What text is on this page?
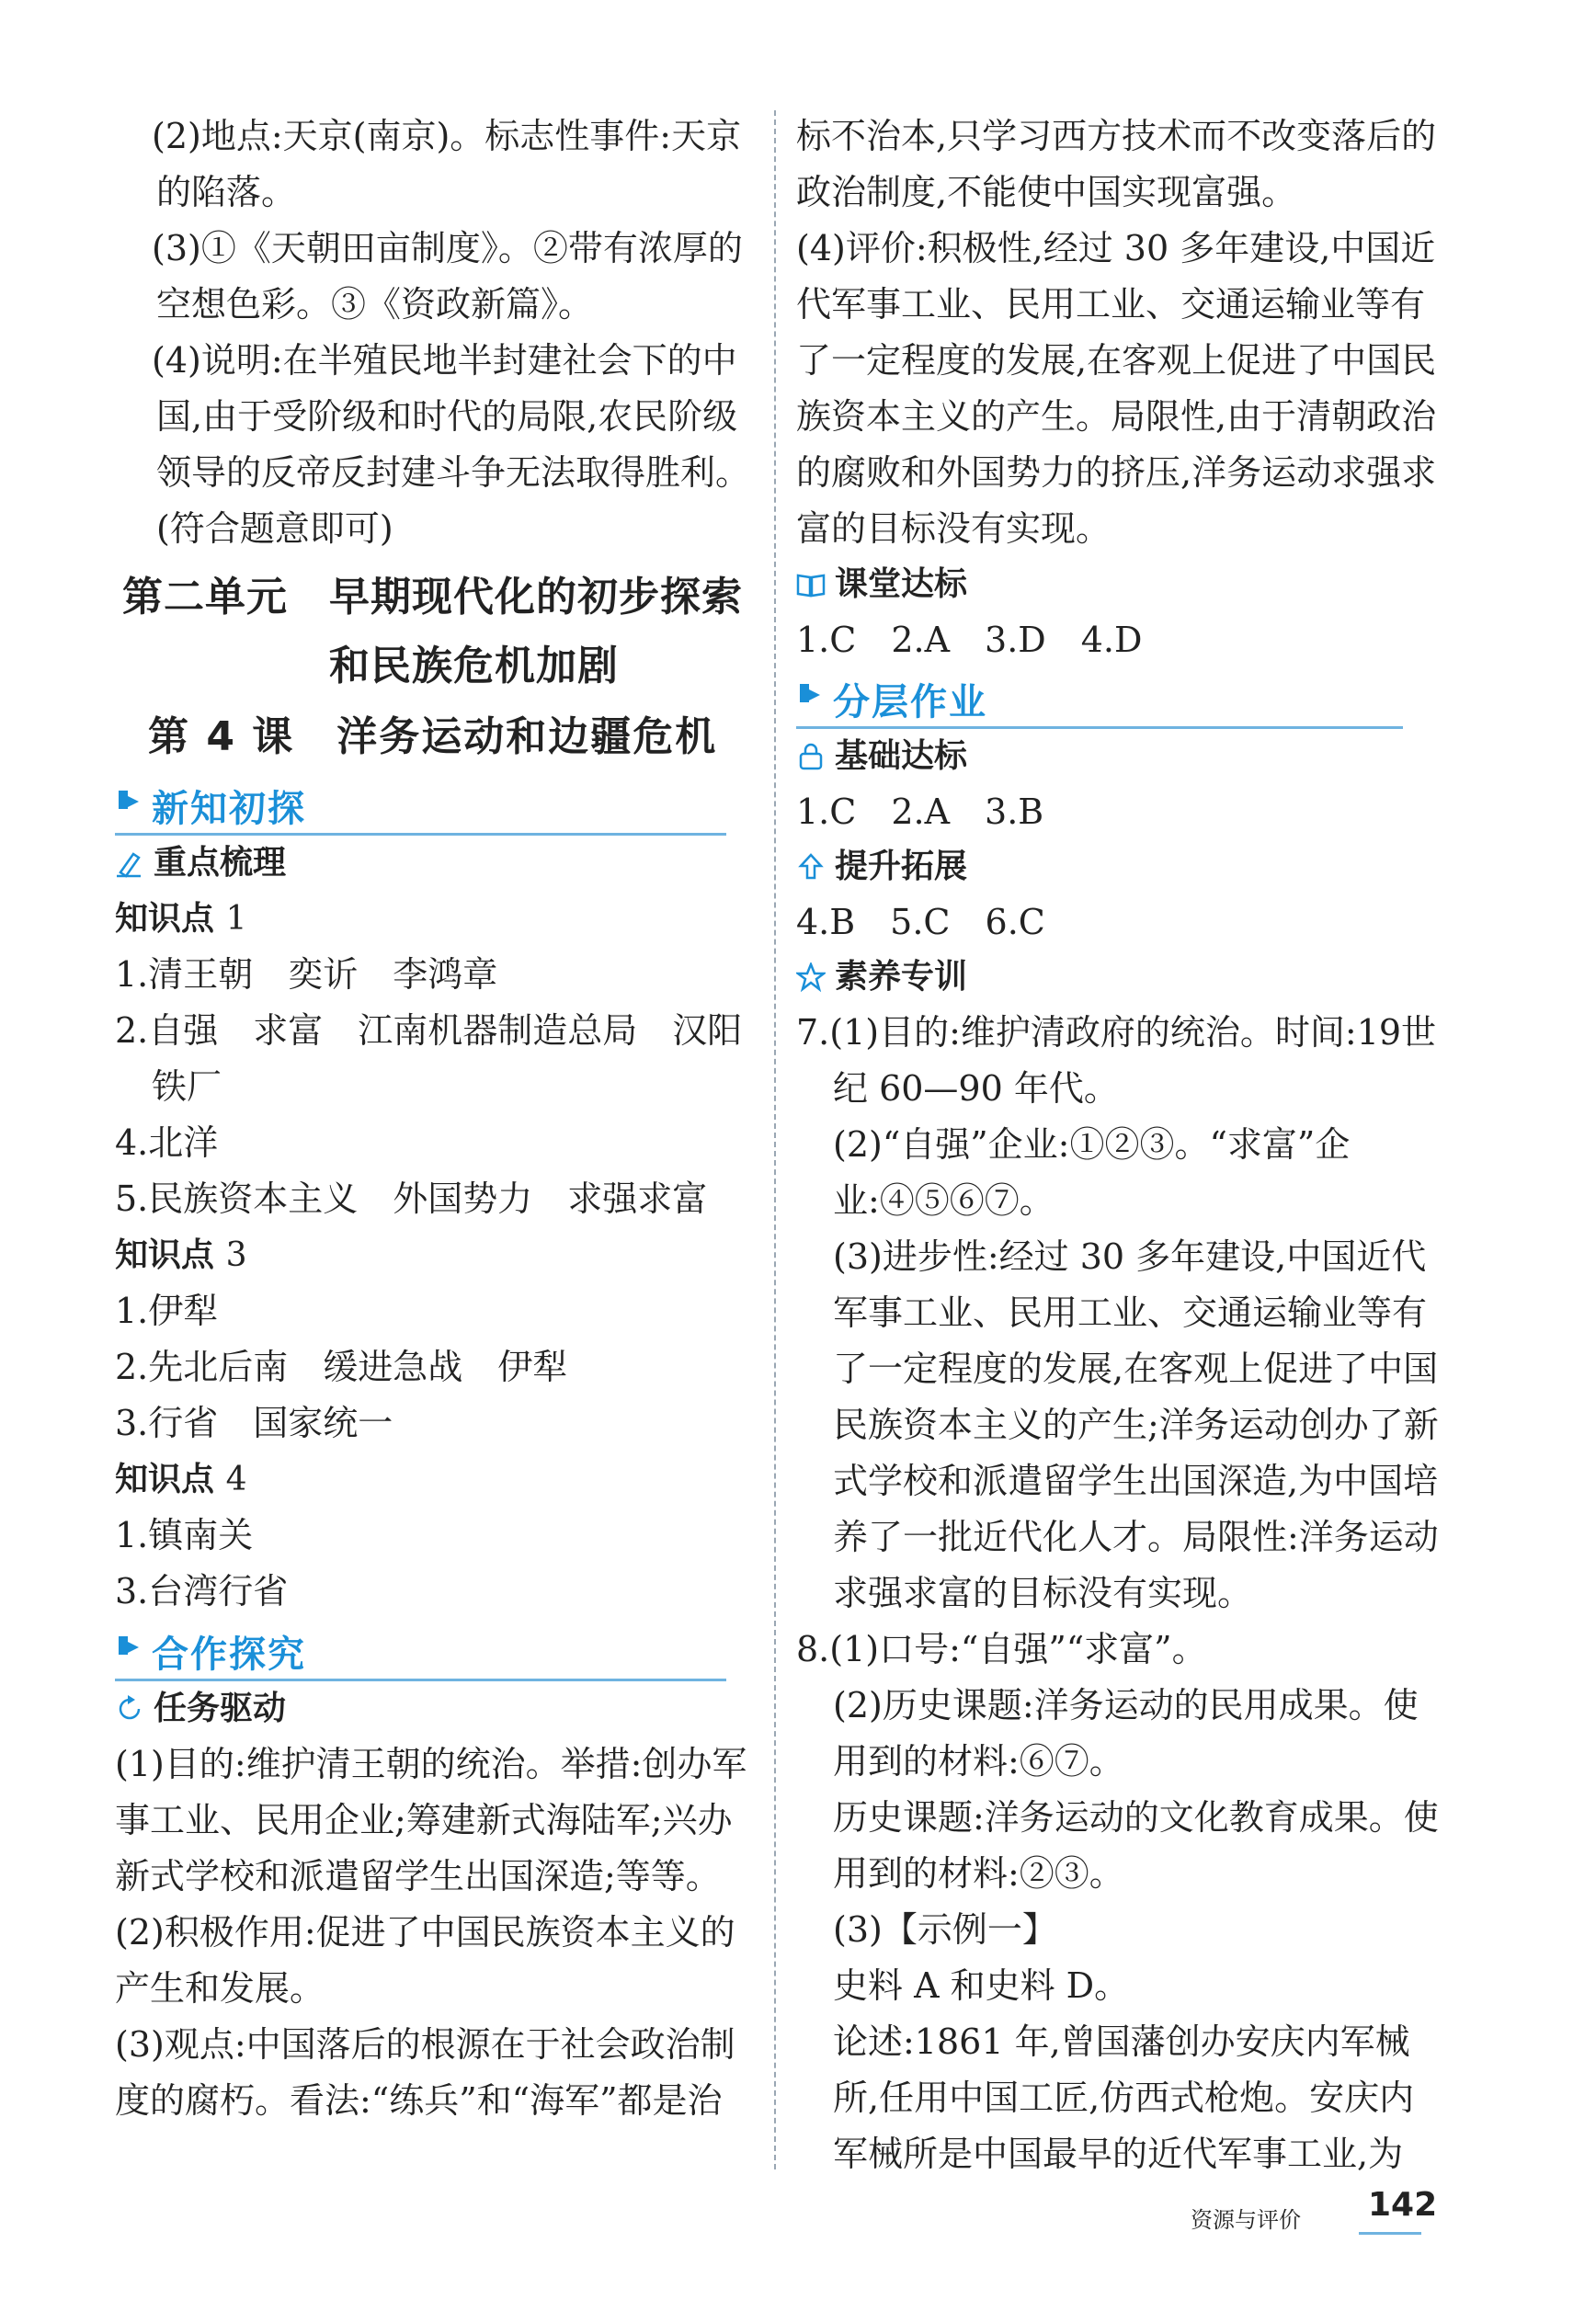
(2)地点:天京(南京)。标志性事件:天京的陷落。

(3)①《天朝田亩制度》。②带有浓厚的空想色彩。③《资政新篇》。

(4)说明:在半殖民地半封建社会下的中国,由于受阶级和时代的局限,农民阶级领导的反帝反封建斗争无法取得胜利。(符合题意即可)

第二单元　早期现代化的初步探索

和民族危机加剧

第 4 课　洋务运动和边疆危机

新知初探

重点梳理

知识点 1

1.清王朝　奕䜣　李鸿章

2.自强　求富　江南机器制造总局　汉阳铁厂

4.北洋

5.民族资本主义　外国势力　求强求富

知识点 3

1.伊犁

2.先北后南　缓进急战　伊犁

3.行省　国家统一

知识点 4

1.镇南关

3.台湾行省

合作探究

任务驱动

(1)目的:维护清王朝的统治。举措:创办军事工业、民用企业;筹建新式海陆军;兴办新式学校和派遣留学生出国深造;等等。

(2)积极作用:促进了中国民族资本主义的产生和发展。

(3)观点:中国落后的根源在于社会政治制度的腐朽。看法:“练兵”和“海军”都是治

标不治本,只学习西方技术而不改变落后的政治制度,不能使中国实现富强。

(4)评价:积极性,经过 30 多年建设,中国近代军事工业、民用工业、交通运输业等有了一定程度的发展,在客观上促进了中国民族资本主义的产生。局限性,由于清朝政治的腐败和外国势力的挤压,洋务运动求强求富的目标没有实现。

课堂达标

1.C　2.A　3.D　4.D

分层作业

基础达标

1.C　2.A　3.B

提升拓展

4.B　5.C　6.C

素养专训

7.(1)目的:维护清政府的统治。时间:19世纪 60—90 年代。

(2)“自强”企业:①②③。“求富”企业:④⑤⑥⑦。

(3)进步性:经过 30 多年建设,中国近代军事工业、民用工业、交通运输业等有了一定程度的发展,在客观上促进了中国民族资本主义的产生;洋务运动创办了新式学校和派遣留学生出国深造,为中国培养了一批近代化人才。局限性:洋务运动求强求富的目标没有实现。

8.(1)口号:“自强”“求富”。

(2)历史课题:洋务运动的民用成果。使用到的材料:⑥⑦。

历史课题:洋务运动的文化教育成果。使用到的材料:②③。

(3)【示例一】

史料 A 和史料 D。

论述:1861 年,曾国藩创办安庆内军械所,任用中国工匠,仿西式枪炮。安庆内军械所是中国最早的近代军事工业,为

资源与评价 142
